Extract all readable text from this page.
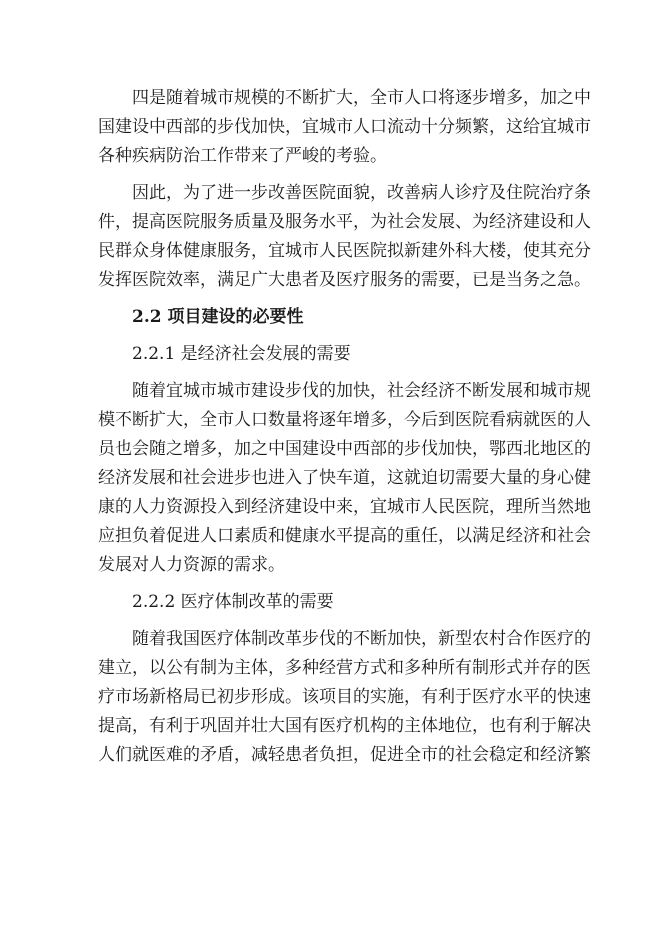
四是随着城市规模的不断扩大，全市人口将逐步增多，加之中
国建设中西部的步伐加快，宜城市人口流动十分频繁，这给宜城市
各种疾病防治工作带来了严峻的考验。
因此，为了进一步改善医院面貌，改善病人诊疗及住院治疗条
件，提高医院服务质量及服务水平，为社会发展、为经济建设和人
民群众身体健康服务，宜城市人民医院拟新建外科大楼，使其充分
发挥医院效率，满足广大患者及医疗服务的需要，已是当务之急。
2.2 项目建设的必要性
2.2.1 是经济社会发展的需要
随着宜城市城市建设步伐的加快，社会经济不断发展和城市规
模不断扩大，全市人口数量将逐年增多，今后到医院看病就医的人
员也会随之增多，加之中国建设中西部的步伐加快，鄂西北地区的
经济发展和社会进步也进入了快车道，这就迫切需要大量的身心健
康的人力资源投入到经济建设中来，宜城市人民医院，理所当然地
应担负着促进人口素质和健康水平提高的重任，以满足经济和社会
发展对人力资源的需求。
2.2.2 医疗体制改革的需要
随着我国医疗体制改革步伐的不断加快，新型农村合作医疗的
建立，以公有制为主体，多种经营方式和多种所有制形式并存的医
疗市场新格局已初步形成。该项目的实施，有利于医疗水平的快速
提高，有利于巩固并壮大国有医疗机构的主体地位，也有利于解决
人们就医难的矛盾，减轻患者负担，促进全市的社会稳定和经济繁
